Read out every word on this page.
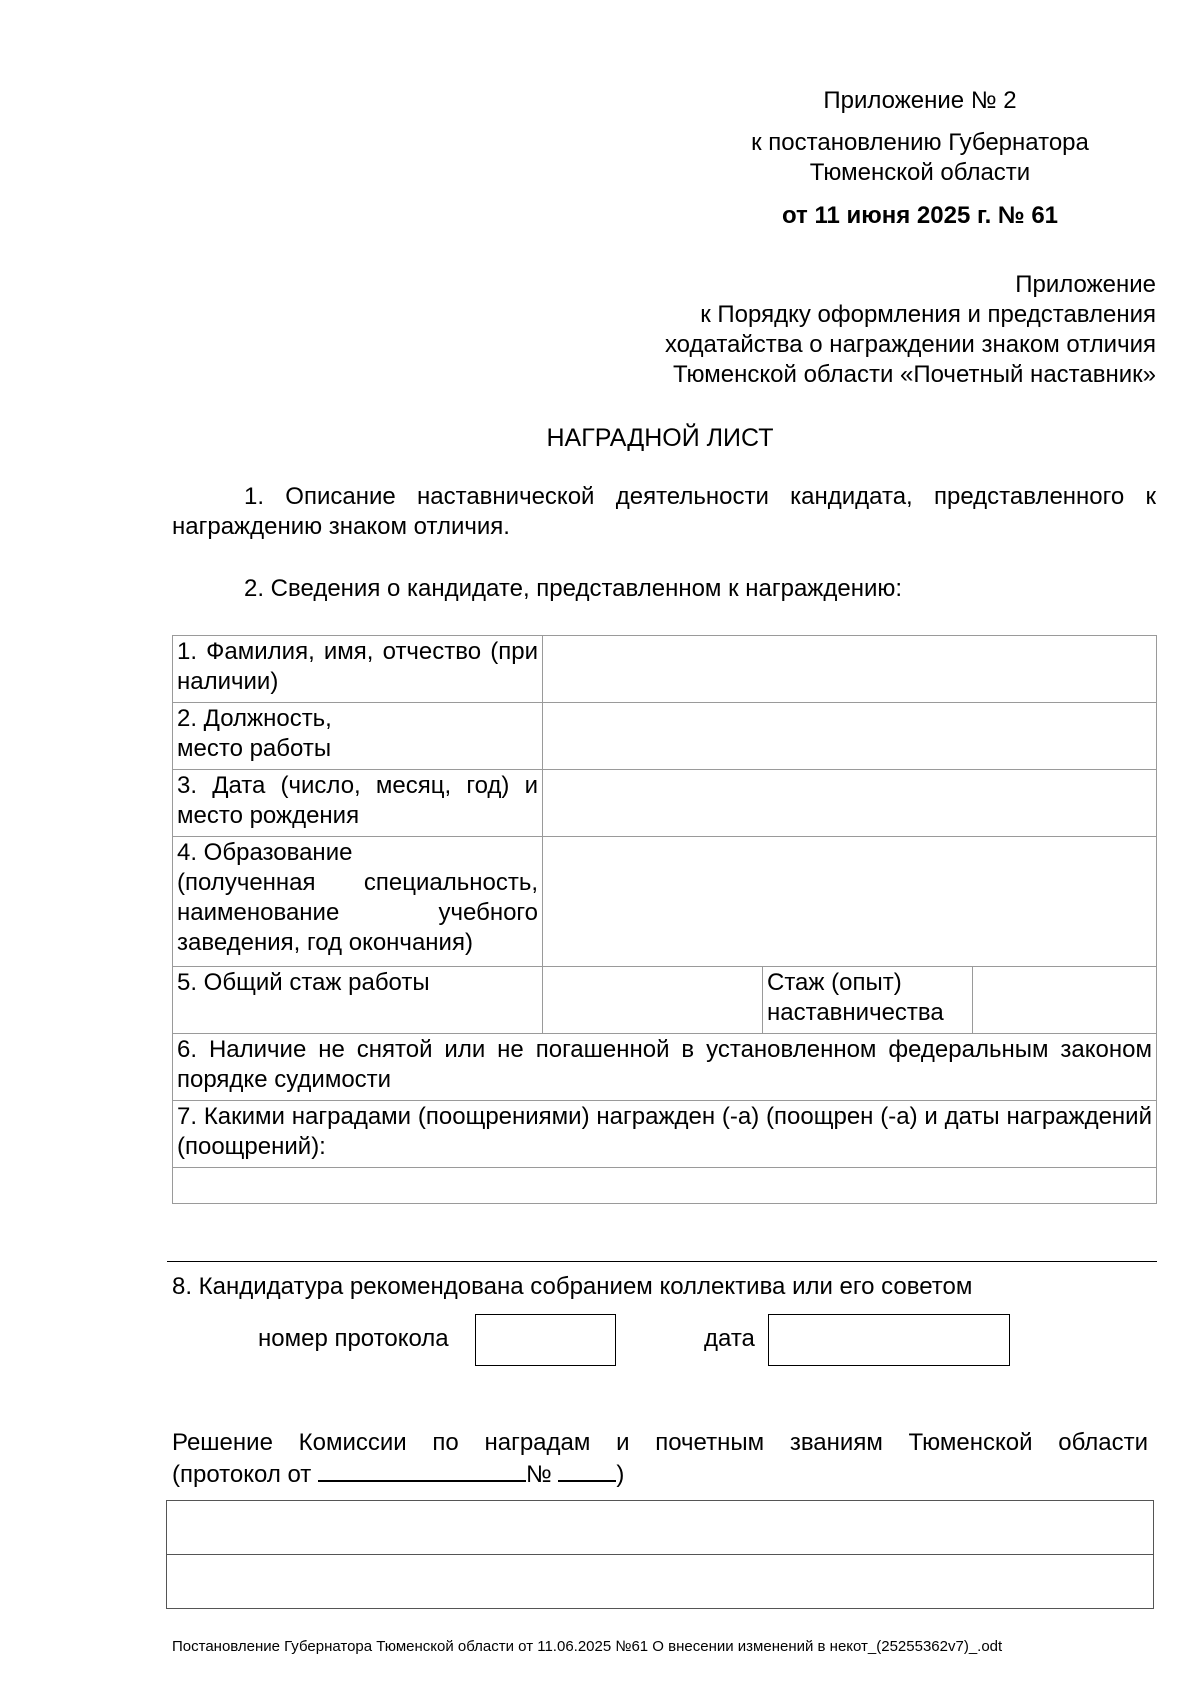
Приложение № 2
к постановлению Губернатора
Тюменской области
от 11 июня 2025 г. № 61
Приложение
к Порядку оформления и представления
ходатайства о награждении знаком отличия
Тюменской области «Почетный наставник»
НАГРАДНОЙ ЛИСТ
1. Описание наставнической деятельности кандидата, представленного к награждению знаком отличия.
2. Сведения о кандидате, представленном к награждению:
1. Фамилия, имя, отчество (при наличии)			

2. Должность,
место работы			

3. Дата (число, месяц, год) и место рождения			

4. Образование
(полученная специальность, наименование учебного заведения, год окончания)			

5. Общий стаж работы		Стаж (опыт) наставничества	
6. Наличие не снятой или не погашенной в установленном федеральным законом порядке судимости			
7. Какими наградами (поощрениями) награжден (-а) (поощрен (-а) и даты награждений (поощрений):			

8. Кандидатура рекомендована собранием коллектива или его советом
номер протокола	дата
Решение Комиссии по наградам и почетным званиям Тюменской области
(протокол от	№	)

Постановление Губернатора Тюменской области от 11.06.2025 №61 О внесении изменений в некот_(25255362v7)_.odt
